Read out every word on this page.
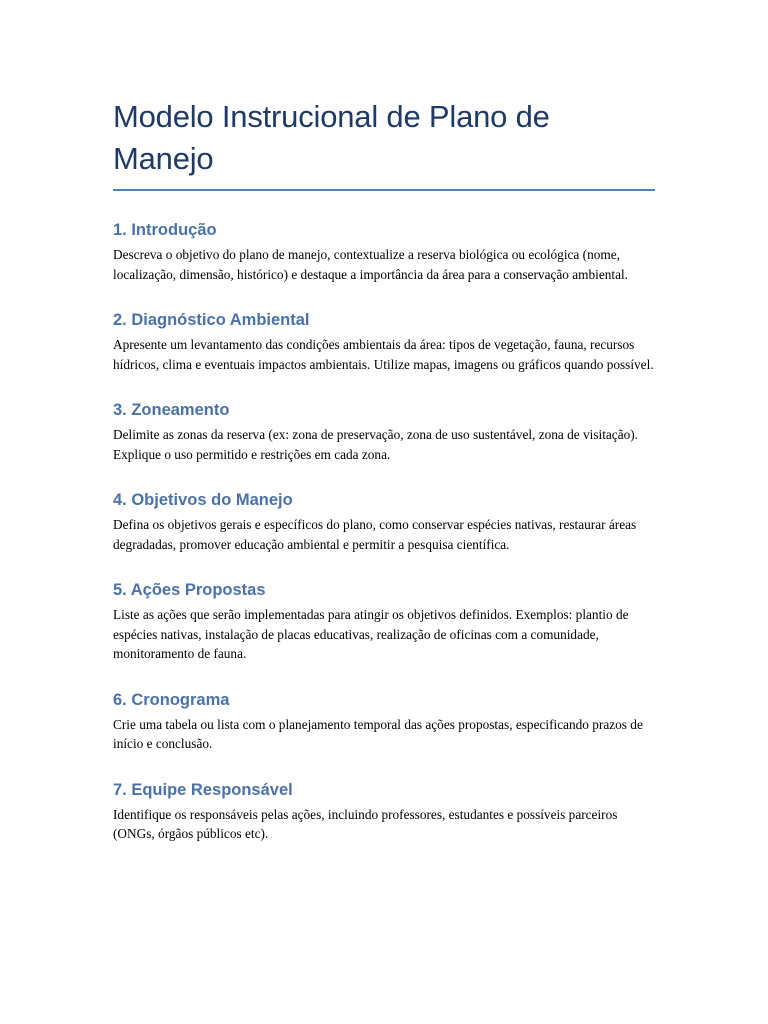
Modelo Instrucional de Plano de Manejo
1. Introdução

Descreva o objetivo do plano de manejo, contextualize a reserva biológica ou ecológica (nome, localização, dimensão, histórico) e destaque a importância da área para a conservação ambiental.

2. Diagnóstico Ambiental

Apresente um levantamento das condições ambientais da área: tipos de vegetação, fauna, recursos hídricos, clima e eventuais impactos ambientais. Utilize mapas, imagens ou gráficos quando possível.

3. Zoneamento

Delimite as zonas da reserva (ex: zona de preservação, zona de uso sustentável, zona de visitação). Explique o uso permitido e restrições em cada zona.

4. Objetivos do Manejo

Defina os objetivos gerais e específicos do plano, como conservar espécies nativas, restaurar áreas degradadas, promover educação ambiental e permitir a pesquisa científica.

5. Ações Propostas

Liste as ações que serão implementadas para atingir os objetivos definidos. Exemplos: plantio de espécies nativas, instalação de placas educativas, realização de oficinas com a comunidade, monitoramento de fauna.

6. Cronograma

Crie uma tabela ou lista com o planejamento temporal das ações propostas, especificando prazos de início e conclusão.

7. Equipe Responsável

Identifique os responsáveis pelas ações, incluindo professores, estudantes e possíveis parceiros (ONGs, órgãos públicos etc).
